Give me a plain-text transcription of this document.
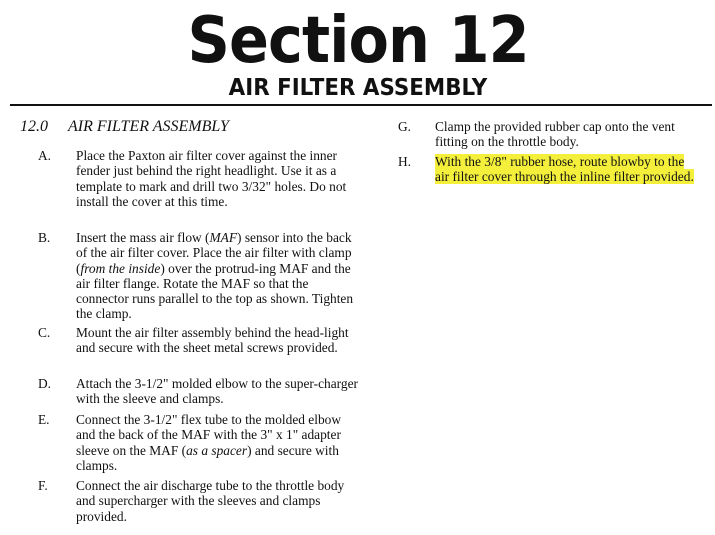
Section 12
AIR FILTER ASSEMBLY
12.0 AIR FILTER ASSEMBLY
A. Place the Paxton air filter cover against the inner fender just behind the right headlight. Use it as a template to mark and drill two 3/32" holes. Do not install the cover at this time.
B. Insert the mass air flow (MAF) sensor into the back of the air filter cover. Place the air filter with clamp (from the inside) over the protrud-ing MAF and the air filter flange. Rotate the MAF so that the connector runs parallel to the top as shown. Tighten the clamp.
C. Mount the air filter assembly behind the head-light and secure with the sheet metal screws provided.
D. Attach the 3-1/2" molded elbow to the super-charger with the sleeve and clamps.
E. Connect the 3-1/2" flex tube to the molded elbow and the back of the MAF with the 3" x 1" adapter sleeve on the MAF (as a spacer) and secure with clamps.
F. Connect the air discharge tube to the throttle body and supercharger with the sleeves and clamps provided.
G. Clamp the provided rubber cap onto the vent fitting on the throttle body.
H. With the 3/8" rubber hose, route blowby to the air filter cover through the inline filter provided.
